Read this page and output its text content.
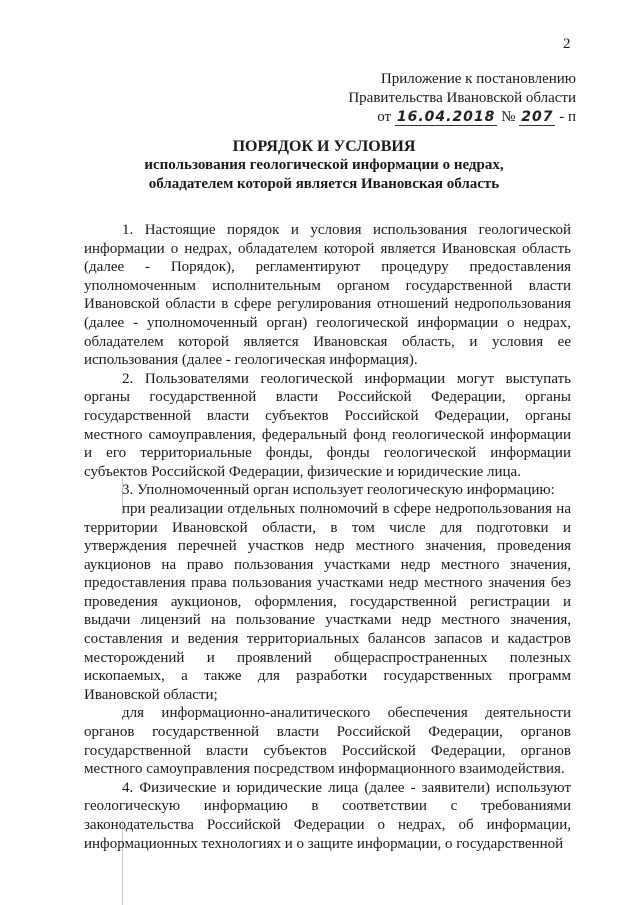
2
Приложение к постановлению
Правительства Ивановской области
от 16.04.2018 № 207 - п
ПОРЯДОК И УСЛОВИЯ
использования геологической информации о недрах,
обладателем которой является Ивановская область

1. Настоящие порядок и условия использования геологической информации о недрах, обладателем которой является Ивановская область (далее - Порядок), регламентируют процедуру предоставления уполномоченным исполнительным органом государственной власти Ивановской области в сфере регулирования отношений недропользования (далее - уполномоченный орган) геологической информации о недрах, обладателем которой является Ивановская область, и условия ее использования (далее - геологическая информация).

2. Пользователями геологической информации могут выступать органы государственной власти Российской Федерации, органы государственной власти субъектов Российской Федерации, органы местного самоуправления, федеральный фонд геологической информации и его территориальные фонды, фонды геологической информации субъектов Российской Федерации, физические и юридические лица.

3. Уполномоченный орган использует геологическую информацию:

при реализации отдельных полномочий в сфере недропользования на территории Ивановской области, в том числе для подготовки и утверждения перечней участков недр местного значения, проведения аукционов на право пользования участками недр местного значения, предоставления права пользования участками недр местного значения без проведения аукционов, оформления, государственной регистрации и выдачи лицензий на пользование участками недр местного значения, составления и ведения территориальных балансов запасов и кадастров месторождений и проявлений общераспространенных полезных ископаемых, а также для разработки государственных программ Ивановской области;

для информационно-аналитического обеспечения деятельности органов государственной власти Российской Федерации, органов государственной власти субъектов Российской Федерации, органов местного самоуправления посредством информационного взаимодействия.

4. Физические и юридические лица (далее - заявители) используют геологическую информацию в соответствии с требованиями законодательства Российской Федерации о недрах, об информации, информационных технологиях и о защите информации, о государственной
